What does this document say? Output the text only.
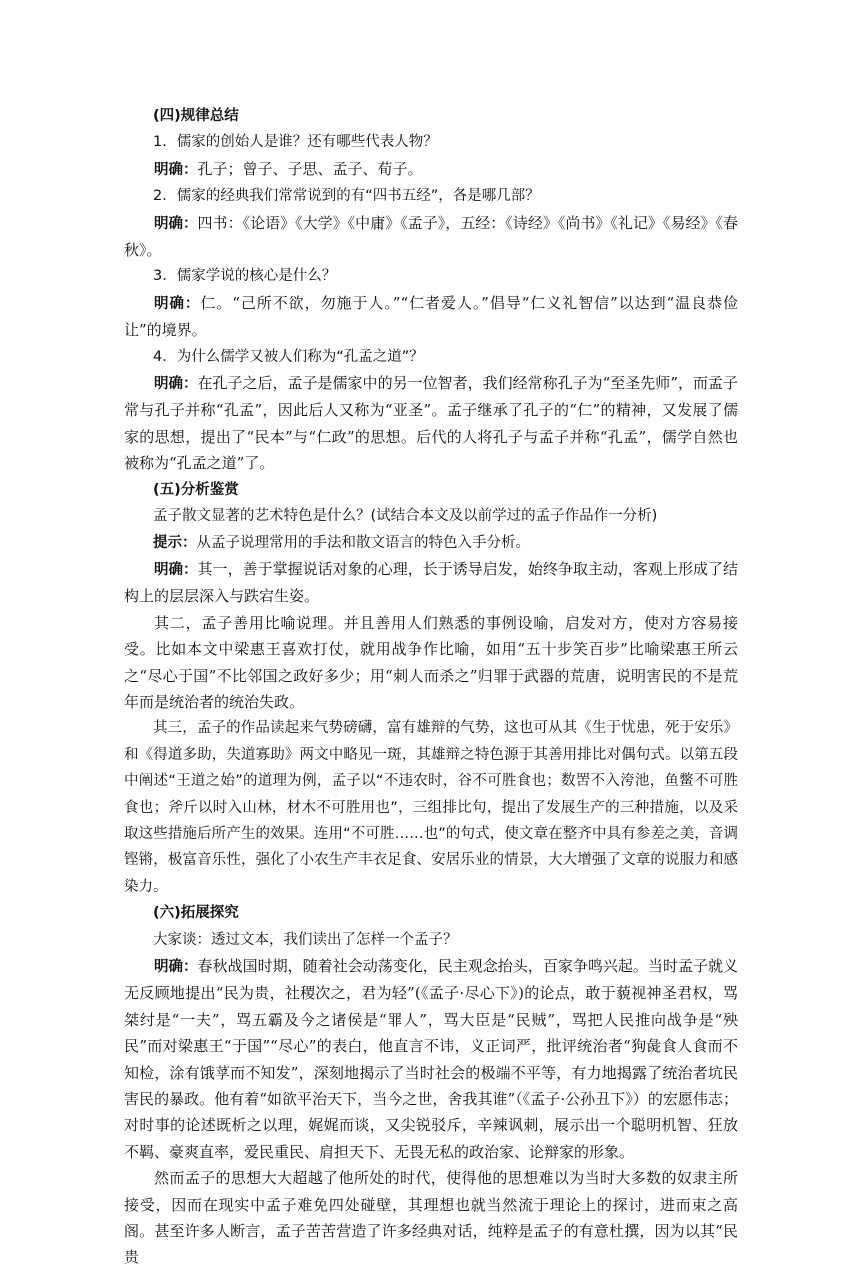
(四)规律总结

1．儒家的创始人是谁？还有哪些代表人物？

明确：孔子；曾子、子思、孟子、荀子。

2．儒家的经典我们常常说到的有“四书五经”，各是哪几部？

明确：四书：《论语》《大学》《中庸》《孟子》，五经：《诗经》《尚书》《礼记》《易经》《春秋》。

3．儒家学说的核心是什么？

明确：仁。“己所不欲，勿施于人。”“仁者爱人。”倡导“仁义礼智信”以达到“温良恭俭让”的境界。

4．为什么儒学又被人们称为“孔孟之道”？

明确：在孔子之后，孟子是儒家中的另一位智者，我们经常称孔子为“至圣先师”，而孟子常与孔子并称“孔孟”，因此后人又称为“亚圣”。孟子继承了孔子的“仁”的精神，又发展了儒家的思想，提出了“民本”与“仁政”的思想。后代的人将孔子与孟子并称“孔孟”，儒学自然也被称为“孔孟之道”了。

(五)分析鉴赏

孟子散文显著的艺术特色是什么？(试结合本文及以前学过的孟子作品作一分析)

提示：从孟子说理常用的手法和散文语言的特色入手分析。

明确：其一，善于掌握说话对象的心理，长于诱导启发，始终争取主动，客观上形成了结构上的层层深入与跌宕生姿。

其二，孟子善用比喻说理。并且善用人们熟悉的事例设喻，启发对方，使对方容易接受。比如本文中梁惠王喜欢打仗，就用战争作比喻，如用“五十步笑百步”比喻梁惠王所云之“尽心于国”不比邻国之政好多少；用“刺人而杀之”归罪于武器的荒唐，说明害民的不是荒年而是统治者的统治失政。

其三，孟子的作品读起来气势磅礴，富有雄辩的气势，这也可从其《生于忧患，死于安乐》和《得道多助，失道寡助》两文中略见一斑，其雄辩之特色源于其善用排比对偶句式。以第五段中阐述“王道之始”的道理为例，孟子以“不违农时，谷不可胜食也；数罟不入洿池，鱼鳖不可胜食也；斧斤以时入山林，材木不可胜用也”，三组排比句，提出了发展生产的三种措施，以及采取这些措施后所产生的效果。连用“不可胜……也”的句式，使文章在整齐中具有参差之美，音调铿锵，极富音乐性，强化了小农生产丰衣足食、安居乐业的情景，大大增强了文章的说服力和感染力。

(六)拓展探究

大家谈：透过文本，我们读出了怎样一个孟子？

明确：春秋战国时期，随着社会动荡变化，民主观念抬头，百家争鸣兴起。当时孟子就义无反顾地提出“民为贵，社稷次之，君为轻”(《孟子·尽心下》)的论点，敢于藐视神圣君权，骂桀纣是“一夫”，骂五霸及今之诸侯是“罪人”，骂大臣是“民贼”，骂把人民推向战争是“殃民”而对梁惠王“于国”“尽心”的表白，他直言不讳，义正词严，批评统治者“狗彘食人食而不知检，涂有饿莩而不知发”，深刻地揭示了当时社会的极端不平等，有力地揭露了统治者坑民害民的暴政。他有着“如欲平治天下，当今之世，舍我其谁”（《孟子·公孙丑下》）的宏愿伟志；对时事的论述既析之以理，娓娓而谈，又尖锐驳斥，辛辣讽刺，展示出一个聪明机智、狂放不羁、豪爽直率，爱民重民、肩担天下、无畏无私的政治家、论辩家的形象。

然而孟子的思想大大超越了他所处的时代，使得他的思想难以为当时大多数的奴隶主所接受，因而在现实中孟子难免四处碰壁，其理想也就当然流于理论上的探讨，进而束之高阁。甚至许多人断言，孟子苦苦营造了许多经典对话，纯粹是孟子的有意杜撰，因为以其“民贵
